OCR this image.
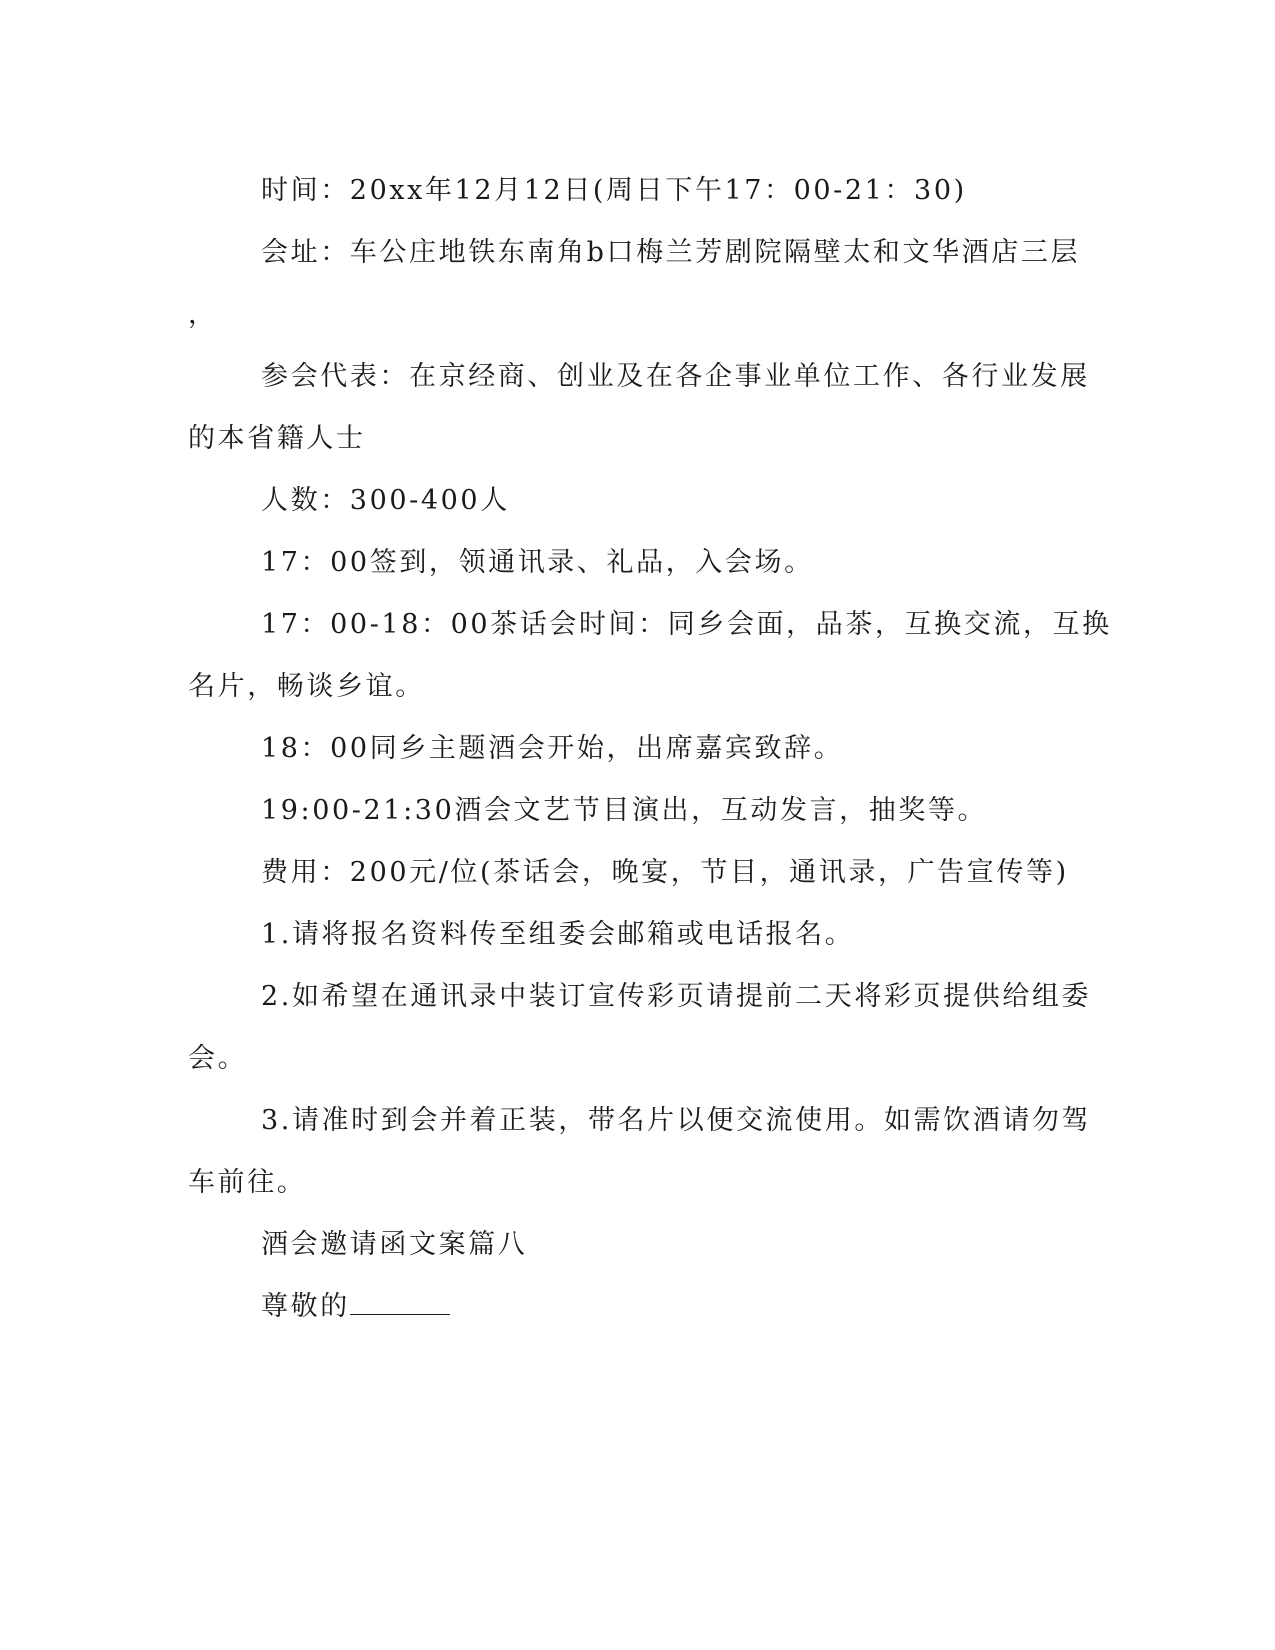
时间：20xx年12月12日(周日下午17：00-21：30)
会址：车公庄地铁东南角b口梅兰芳剧院隔壁太和文华酒店三层
，
参会代表：在京经商、创业及在各企事业单位工作、各行业发展
的本省籍人士
人数：300-400人
17：00签到，领通讯录、礼品，入会场。
17：00-18：00茶话会时间：同乡会面，品茶，互换交流，互换
名片，畅谈乡谊。
18：00同乡主题酒会开始，出席嘉宾致辞。
19:00-21:30酒会文艺节目演出，互动发言，抽奖等。
费用：200元/位(茶话会，晚宴，节目，通讯录，广告宣传等)
1.请将报名资料传至组委会邮箱或电话报名。
2.如希望在通讯录中装订宣传彩页请提前二天将彩页提供给组委
会。
3.请准时到会并着正装，带名片以便交流使用。如需饮酒请勿驾
车前往。
酒会邀请函文案篇八
尊敬的
